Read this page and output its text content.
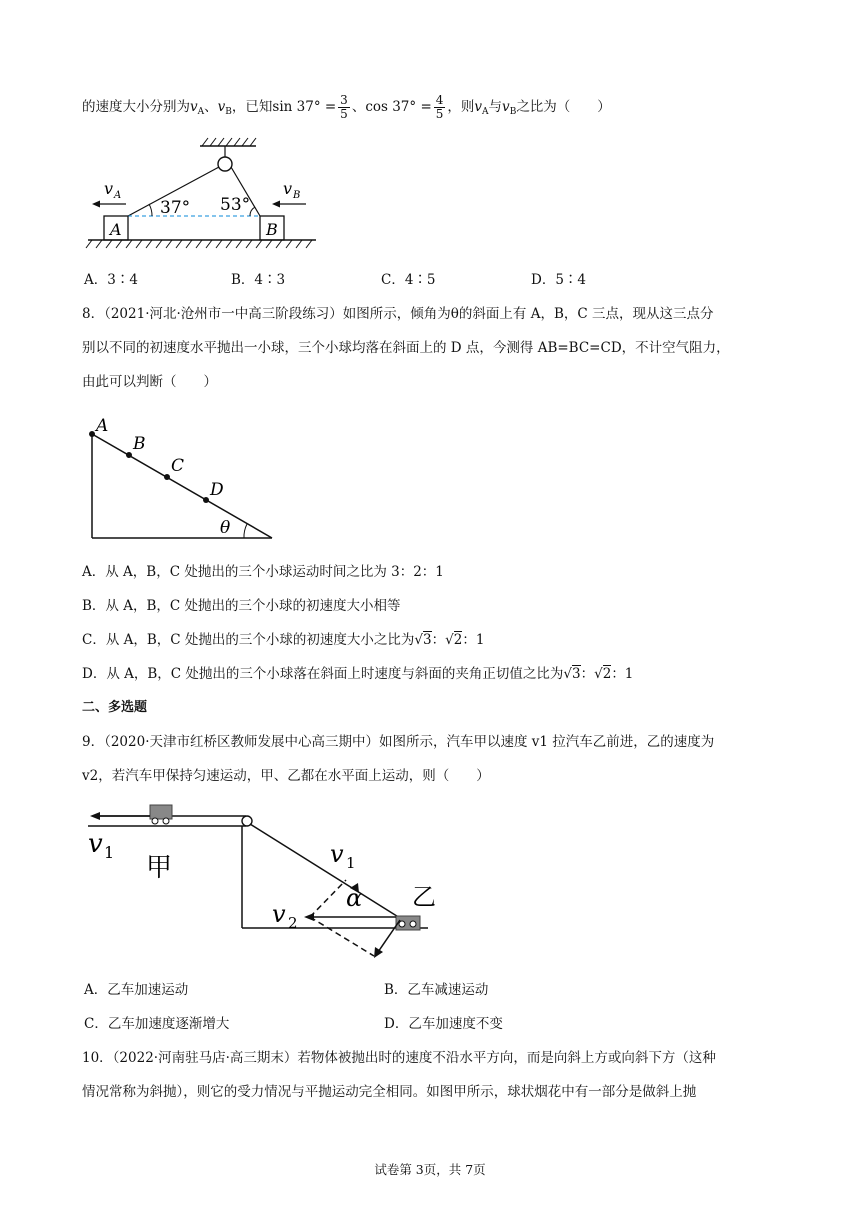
的速度大小分别为$v_A$、$v_B$，已知$\sin 37^\circ = \frac{3}{5}$ 、$\cos 37^\circ = \frac{4}{5}$ ，则$v_A$与$v_B$之比为（　　）
37° 53°
A	B
v A	v B
A．3∶4	B．4∶3	C．4∶5	D．5∶4
8．（2021·河北·沧州市一中高三阶段练习）如图所示，倾角为θ的斜面上有 A，B，C 三点，现从这三点分
别以不同的初速度水平抛出一小球，三个小球均落在斜面上的 D 点，今测得 AB=BC=CD，不计空气阻力，
由此可以判断（　　）
A
B
C
D
θ
A．从 A，B，C 处抛出的三个小球运动时间之比为 3：2：1
B．从 A，B，C 处抛出的三个小球的初速度大小相等
C．从 A，B，C 处抛出的三个小球的初速度大小之比为√3：√2：1
D．从 A，B，C 处抛出的三个小球落在斜面上时速度与斜面的夹角正切值之比为√3：√2：1
二、多选题
9．（2020·天津市红桥区教师发展中心高三期中）如图所示，汽车甲以速度 v1 拉汽车乙前进，乙的速度为
v2，若汽车甲保持匀速运动，甲、乙都在水平面上运动，则（　　）
v 1
甲
乙
v 1
v 2
α
A．乙车加速运动	B．乙车减速运动
C．乙车加速度逐渐增大	D．乙车加速度不变
10．（2022·河南驻马店·高三期末）若物体被抛出时的速度不沿水平方向，而是向斜上方或向斜下方（这种
情况常称为斜抛），则它的受力情况与平抛运动完全相同。如图甲所示，球状烟花中有一部分是做斜上抛
试卷第 3页，共 7页
